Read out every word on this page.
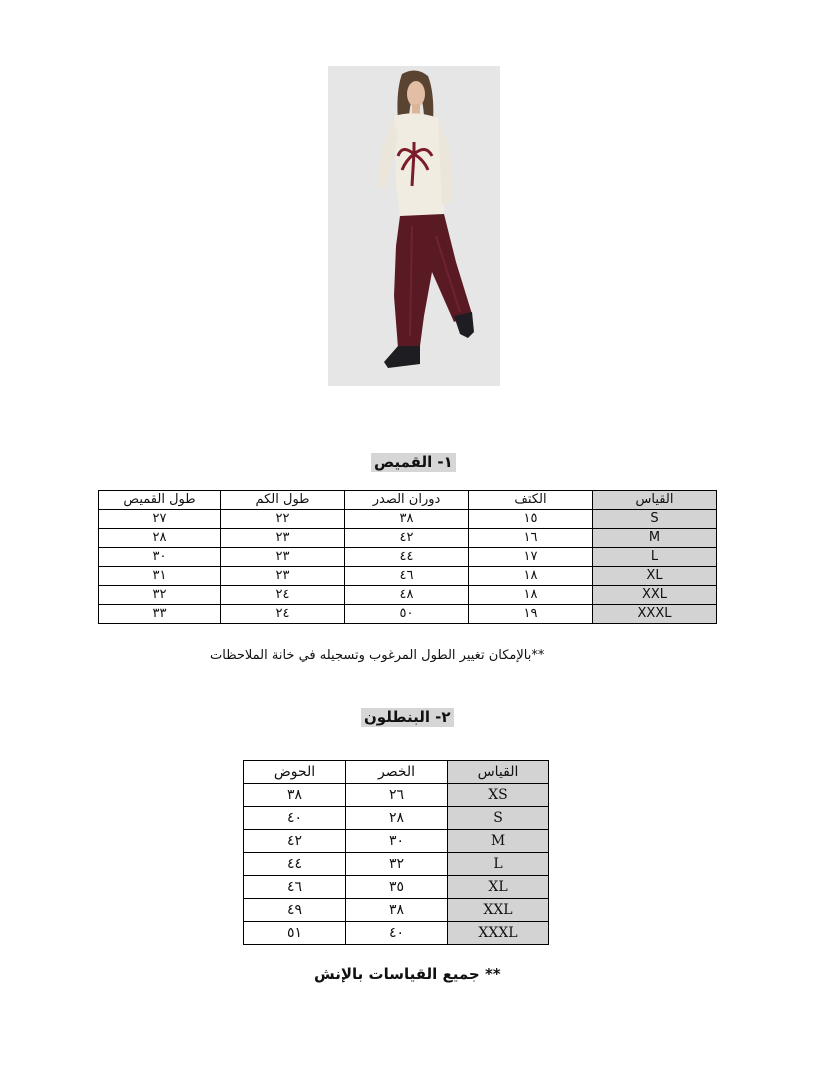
١- القميص
القياس	الكتف	دوران الصدر	طول الكم	طول القميص
S	١٥	٣٨	٢٢	٢٧
M	١٦	٤٢	٢٣	٢٨
L	١٧	٤٤	٢٣	٣٠
XL	١٨	٤٦	٢٣	٣١
XXL	١٨	٤٨	٢٤	٣٢
XXXL	١٩	٥٠	٢٤	٣٣
**بالإمكان تغيير الطول المرغوب وتسجيله في خانة الملاحظات
٢- البنطلون
القياس	الخصر	الحوض
XS	٢٦	٣٨
S	٢٨	٤٠
M	٣٠	٤٢
L	٣٢	٤٤
XL	٣٥	٤٦
XXL	٣٨	٤٩
XXXL	٤٠	٥١
** جميع القياسات بالإنش
